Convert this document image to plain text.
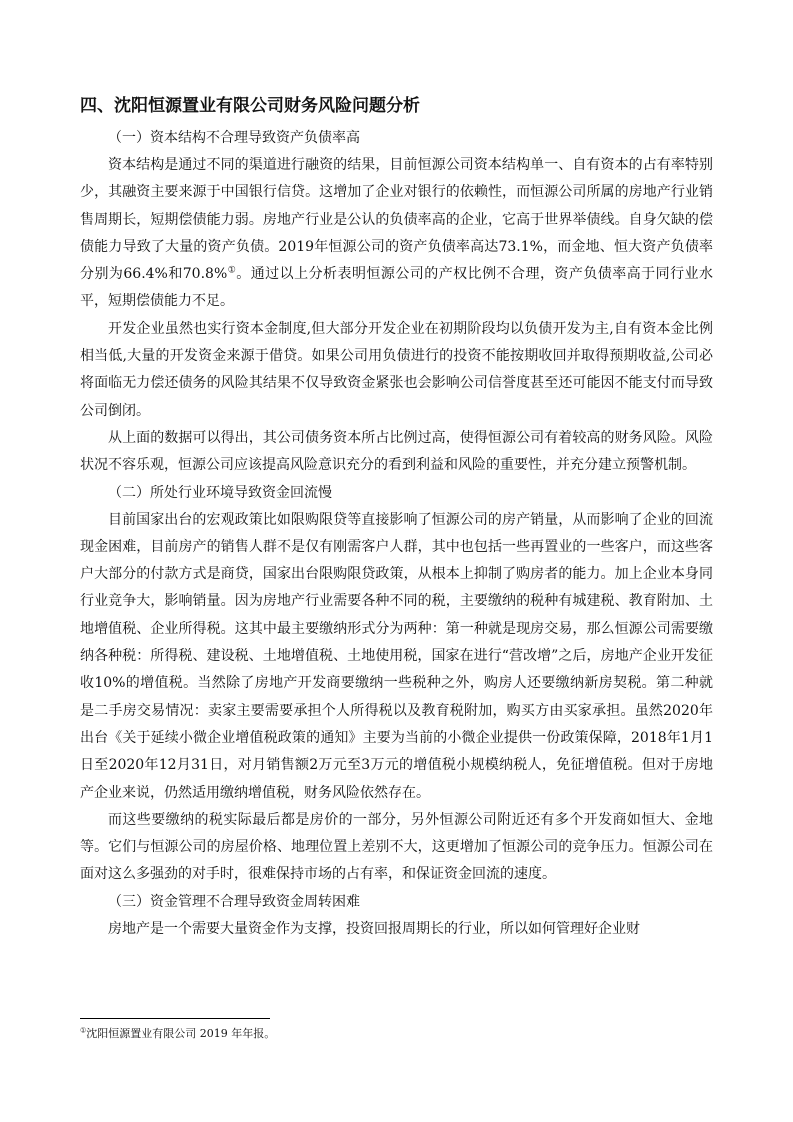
四、沈阳恒源置业有限公司财务风险问题分析
（一）资本结构不合理导致资产负债率高

资本结构是通过不同的渠道进行融资的结果，目前恒源公司资本结构单一、自有资本的占有率特别少，其融资主要来源于中国银行信贷。这增加了企业对银行的依赖性，而恒源公司所属的房地产行业销售周期长，短期偿债能力弱。房地产行业是公认的负债率高的企业，它高于世界举债线。自身欠缺的偿债能力导致了大量的资产负债。2019年恒源公司的资产负债率高达73.1%，而金地、恒大资产负债率分别为66.4%和70.8%①。通过以上分析表明恒源公司的产权比例不合理，资产负债率高于同行业水平，短期偿债能力不足。

开发企业虽然也实行资本金制度,但大部分开发企业在初期阶段均以负债开发为主,自有资本金比例相当低,大量的开发资金来源于借贷。如果公司用负债进行的投资不能按期收回并取得预期收益,公司必将面临无力偿还债务的风险其结果不仅导致资金紧张也会影响公司信誉度甚至还可能因不能支付而导致公司倒闭。

从上面的数据可以得出，其公司债务资本所占比例过高，使得恒源公司有着较高的财务风险。风险状况不容乐观，恒源公司应该提高风险意识充分的看到利益和风险的重要性，并充分建立预警机制。

（二）所处行业环境导致资金回流慢

目前国家出台的宏观政策比如限购限贷等直接影响了恒源公司的房产销量，从而影响了企业的回流现金困难，目前房产的销售人群不是仅有刚需客户人群，其中也包括一些再置业的一些客户，而这些客户大部分的付款方式是商贷，国家出台限购限贷政策，从根本上抑制了购房者的能力。加上企业本身同行业竞争大，影响销量。因为房地产行业需要各种不同的税，主要缴纳的税种有城建税、教育附加、土地增值税、企业所得税。这其中最主要缴纳形式分为两种：第一种就是现房交易，那么恒源公司需要缴纳各种税：所得税、建设税、土地增值税、土地使用税，国家在进行“营改增”之后，房地产企业开发征收10%的增值税。当然除了房地产开发商要缴纳一些税种之外，购房人还要缴纳新房契税。第二种就是二手房交易情况：卖家主要需要承担个人所得税以及教育税附加，购买方由买家承担。虽然2020年出台《关于延续小微企业增值税政策的通知》主要为当前的小微企业提供一份政策保障，2018年1月1日至2020年12月31日，对月销售额2万元至3万元的增值税小规模纳税人，免征增值税。但对于房地产企业来说，仍然适用缴纳增值税，财务风险依然存在。

而这些要缴纳的税实际最后都是房价的一部分，另外恒源公司附近还有多个开发商如恒大、金地等。它们与恒源公司的房屋价格、地理位置上差别不大，这更增加了恒源公司的竞争压力。恒源公司在面对这么多强劲的对手时，很难保持市场的占有率，和保证资金回流的速度。

（三）资金管理不合理导致资金周转困难

房地产是一个需要大量资金作为支撑，投资回报周期长的行业，所以如何管理好企业财

①沈阳恒源置业有限公司 2019 年年报。
